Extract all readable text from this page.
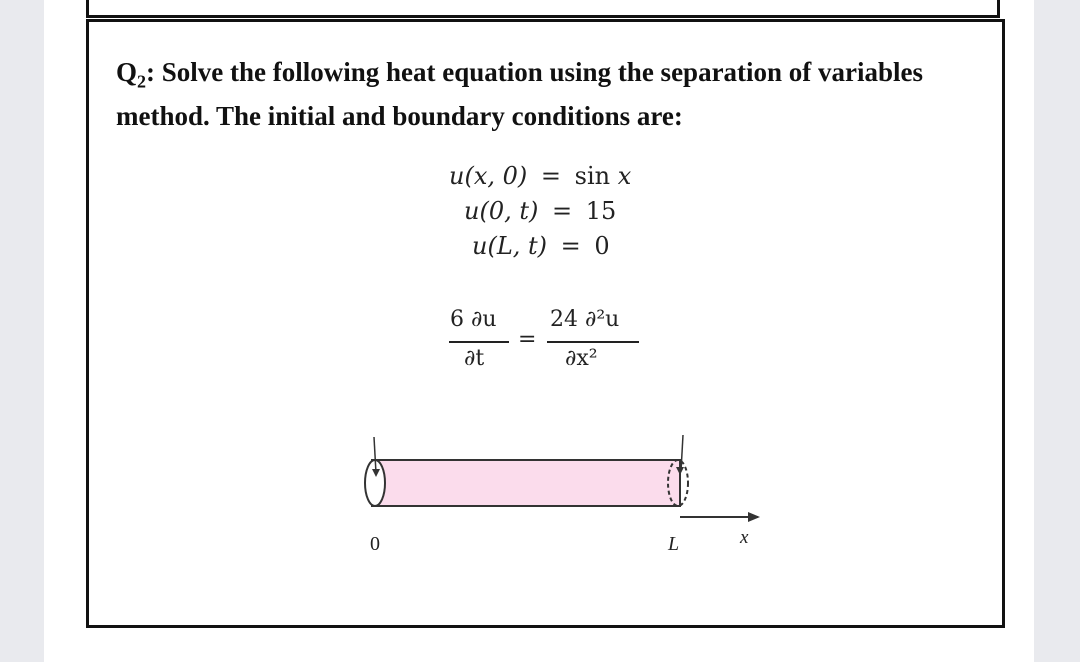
$Q_2$: Solve the following heat equation using the separation of variables method. The initial and boundary conditions are:
u(x, 0) = sin x
u(0, t) = 15
u(L, t) = 0
6 ∂u
∂t
=
24 ∂²u
∂x²
0	L	x
